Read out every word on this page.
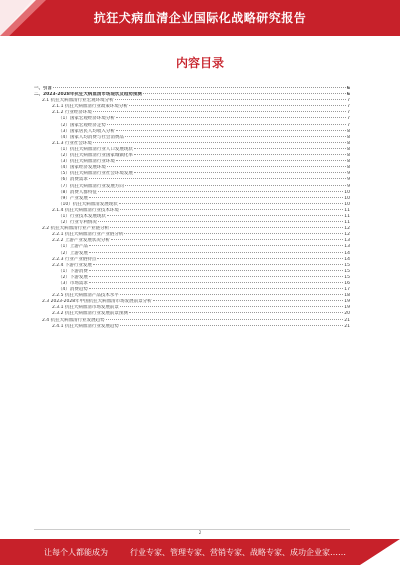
抗狂犬病血清企业国际化战略研究报告
内容目录
一、引言	6
二、2023-2028年抗狂犬病血清市场现状及趋势预测	6
2.1 抗狂犬病血清行业宏观环境分析	7
2.1.1 抗狂犬病血清行业政策环境分析	7
2.1.2 行业经济环境	7
（1）国家宏观经济环境分析	7
（2）国家宏观经济走势	7
（3）国家居民人均收入分析	8
（4）国家人均消费与社会消费品	8
2.1.3 行业社会环境	8
（1）抗狂犬病血清行业人口发展现状	8
（2）抗狂犬病血清行业国家城镇化率	8
（3）抗狂犬病血清行业环境	8
（4）国家经济发展环境	8
（5）抗狂犬病血清行业社会环境发展	9
（6）消费需求	9
（7）抗狂犬病血清行业发展方向	9
（8）消费人群特征	10
（9）产业发展	10
（10）抗狂犬病血清发展现状	10
2.1.4 抗狂犬病血清行业技术环境	11
（1）行业技术发展现状	11
（2）行业专利情况	11
2.2 抗狂犬病血清行业产业链分析	12
2.2.1 抗狂犬病血清行业产业链分析	12
2.2.2 上游产业发展状况分析	13
（1）上游产品	13
（2）上游发展	14
2.2.3 行业产业链特点	14
2.2.4 下游行业发展	15
（1）下游消费	15
（2）下游发展	15
（3）市场需求	16
（4）消费趋势	17
2.2.5 抗狂犬病血清产品技术水平	18
2.3 2023-2028年中国抗狂犬病血清市场发展前景分析	19
2.3.1 抗狂犬病血清市场发展前景	19
2.3.2 抗狂犬病血清行业发展前景预测	20
2.4 抗狂犬病血清行业发展趋势	21
2.4.1 抗狂犬病血清行业发展趋势	21
2
让每个人都能成为	行业专家、管理专家、营销专家、战略专家、成功企业家……
